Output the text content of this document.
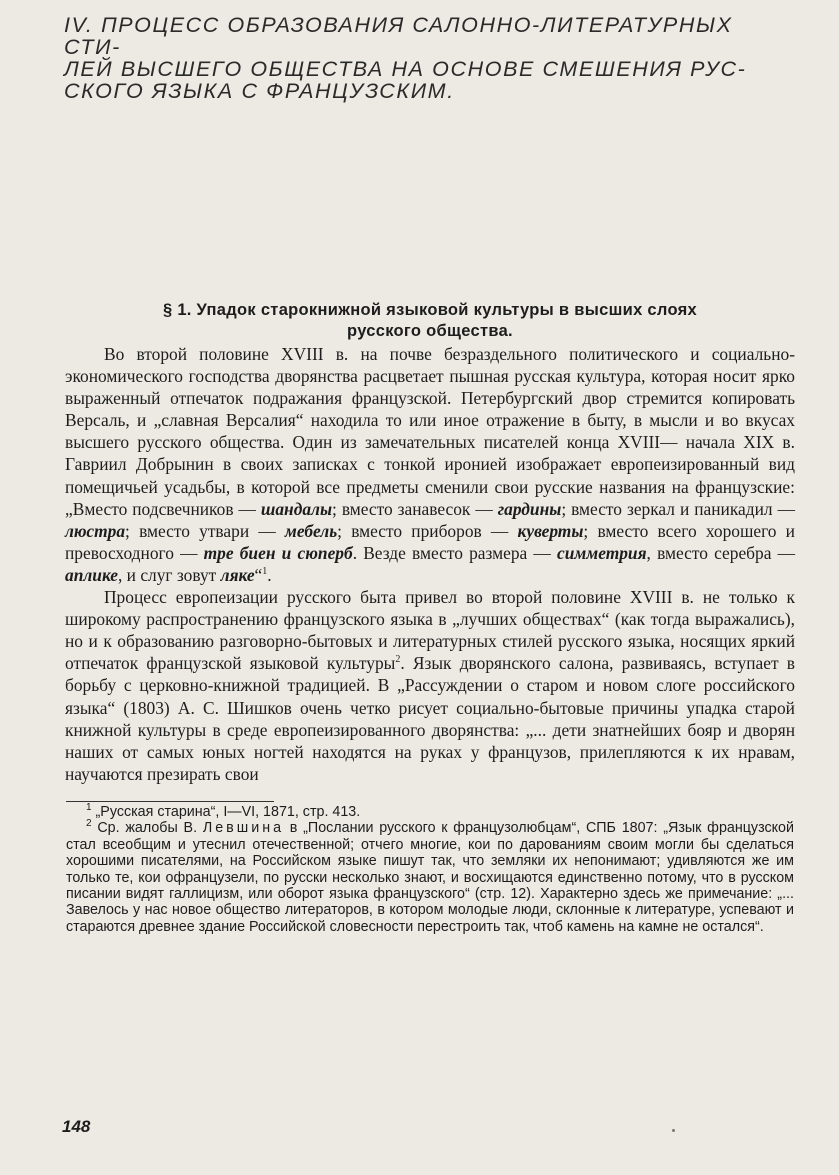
IV. ПРОЦЕСС ОБРАЗОВАНИЯ САЛОННО-ЛИТЕРАТУРНЫХ СТИ-
ЛЕЙ ВЫСШЕГО ОБЩЕСТВА НА ОСНОВЕ СМЕШЕНИЯ РУС-
СКОГО ЯЗЫКА С ФРАНЦУЗСКИМ.
§ 1. Упадок старокнижной языковой культуры в высших слоях
русского общества.

Во второй половине XVIII в. на почве безраздельного политического и социально-экономического господства дворянства расцветает пышная русская культура, которая носит ярко выраженный отпечаток подражания французской. Петербургский двор стремится копировать Версаль, и „славная Версалия“ находила то или иное отражение в быту, в мысли и во вкусах высшего русского общества. Один из замечательных писателей конца XVIII— начала XIX в. Гавриил Добрынин в своих записках с тонкой иронией изображает европеизированный вид помещичьей усадьбы, в которой все предметы сменили свои русские названия на французские: „Вместо подсвечников — шандалы; вместо занавесок — гардины; вместо зеркал и паникадил — люстра; вместо утвари — мебель; вместо приборов — куверты; вместо всего хорошего и превосходного — тре биен и сюперб. Везде вместо размера — симметрия, вместо серебра — аплике, и слуг зовут ляке“$^1$.

Процесс европеизации русского быта привел во второй половине XVIII в. не только к широкому распространению французского языка в „лучших обществах“ (как тогда выражались), но и к образованию разговорно-бытовых и литературных стилей русского языка, носящих яркий отпечаток французской языковой культуры$^2$. Язык дворянского салона, развиваясь, вступает в борьбу с церковно-книжной традицией. В „Рассуждении о старом и новом слоге российского языка“ (1803) А. С. Шишков очень четко рисует социально-бытовые причины упадка старой книжной культуры в среде европеизированного дворянства: „... дети знатнейших бояр и дворян наших от самых юных ногтей находятся на руках у французов, прилепляются к их нравам, научаются презирать свои

$^1$ „Русская старина“, I—VI, 1871, стр. 413.

$^2$ Ср. жалобы В. Левшина в „Послании русского к французолюбцам“, СПБ 1807: „Язык французской стал всеобщим и утеснил отечественной; отчего многие, кои по дарованиям своим могли бы сделаться хорошими писателями, на Российском языке пишут так, что земляки их непонимают; удивляются же им только те, кои офранцузели, по русски несколько знают, и восхищаются единственно потому, что в русском писании видят галлицизм, или оборот языка французского“ (стр. 12). Характерно здесь же примечание: „... Завелось у нас новое общество литераторов, в котором молодые люди, склонные к литературе, успевают и стараются древнее здание Российской словесности перестроить так, чтоб камень на камне не остался“.

148
